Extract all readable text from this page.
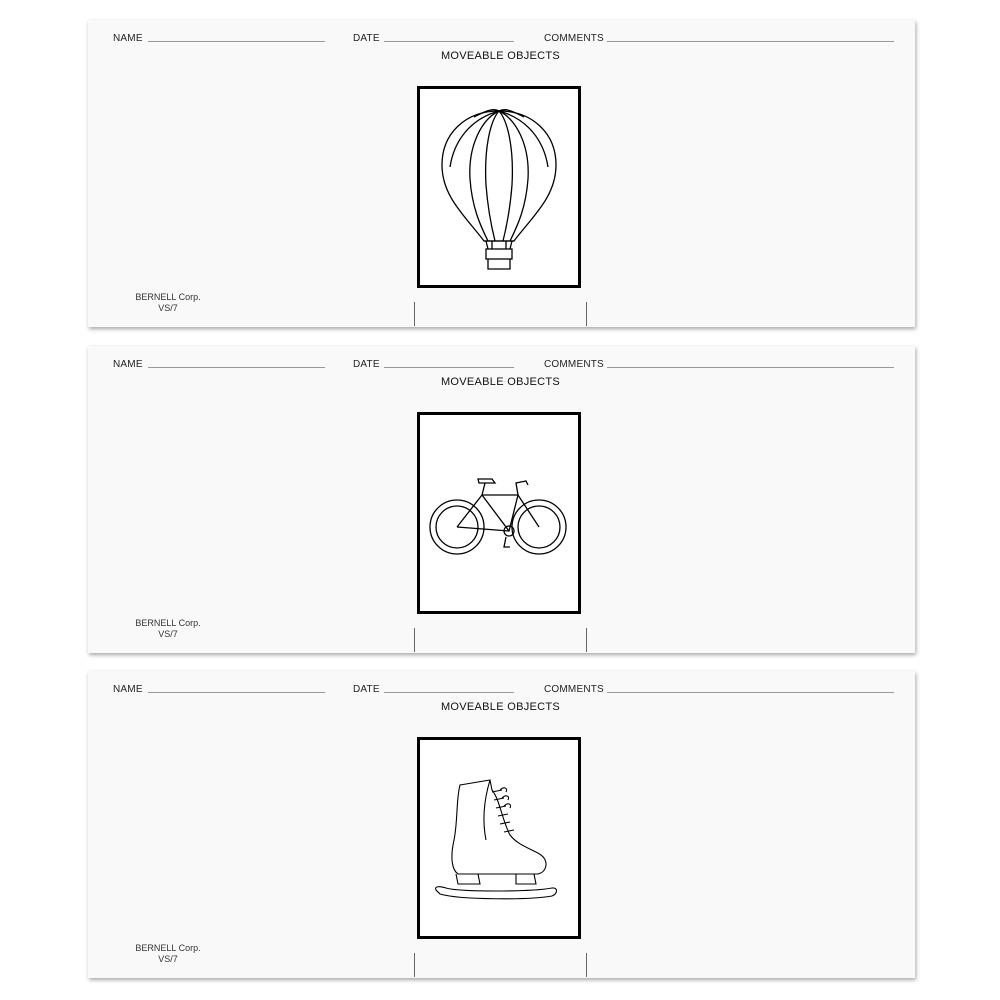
NAME	DATE	COMMENTS
MOVEABLE OBJECTS
BERNELL Corp.
VS/7
NAME	DATE	COMMENTS
MOVEABLE OBJECTS
BERNELL Corp.
VS/7
NAME	DATE	COMMENTS
MOVEABLE OBJECTS
BERNELL Corp.
VS/7
